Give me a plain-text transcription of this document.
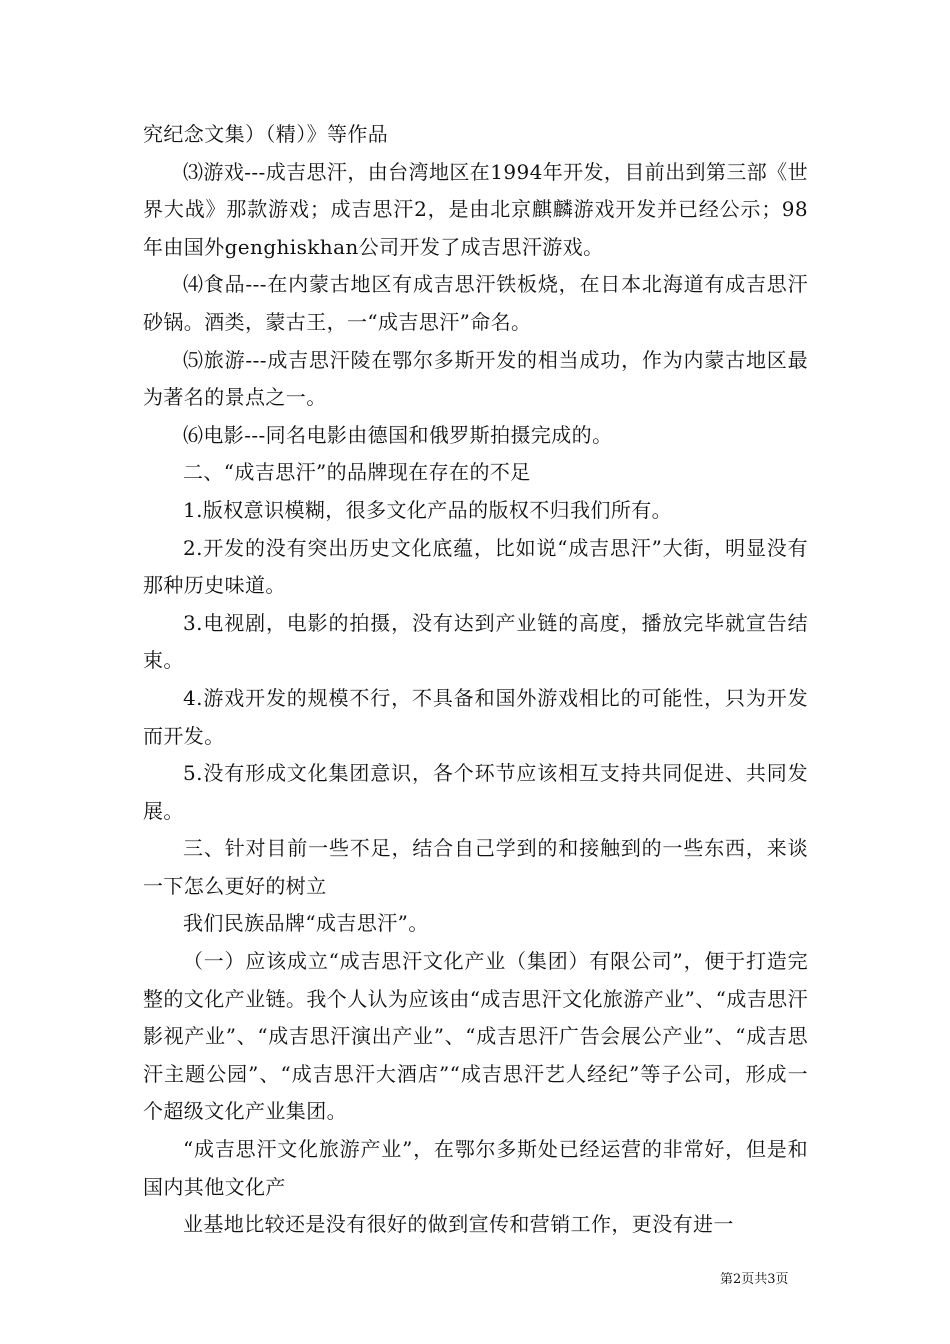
究纪念文集）（精）》等作品

⑶游戏---成吉思汗，由台湾地区在1994年开发，目前出到第三部《世界大战》那款游戏；成吉思汗2，是由北京麒麟游戏开发并已经公示；98年由国外genghiskhan公司开发了成吉思汗游戏。

⑷食品---在内蒙古地区有成吉思汗铁板烧，在日本北海道有成吉思汗砂锅。酒类，蒙古王，一“成吉思汗”命名。

⑸旅游---成吉思汗陵在鄂尔多斯开发的相当成功，作为内蒙古地区最为著名的景点之一。

⑹电影---同名电影由德国和俄罗斯拍摄完成的。

二、“成吉思汗”的品牌现在存在的不足

1.版权意识模糊，很多文化产品的版权不归我们所有。

2.开发的没有突出历史文化底蕴，比如说“成吉思汗”大街，明显没有那种历史味道。

3.电视剧，电影的拍摄，没有达到产业链的高度，播放完毕就宣告结束。

4.游戏开发的规模不行，不具备和国外游戏相比的可能性，只为开发而开发。

5.没有形成文化集团意识，各个环节应该相互支持共同促进、共同发展。

三、针对目前一些不足，结合自己学到的和接触到的一些东西，来谈一下怎么更好的树立

我们民族品牌“成吉思汗”。

（一）应该成立“成吉思汗文化产业（集团）有限公司”，便于打造完整的文化产业链。我个人认为应该由“成吉思汗文化旅游产业”、“成吉思汗影视产业”、“成吉思汗演出产业”、“成吉思汗广告会展公产业”、“成吉思汗主题公园”、“成吉思汗大酒店”“成吉思汗艺人经纪”等子公司，形成一个超级文化产业集团。

“成吉思汗文化旅游产业”，在鄂尔多斯处已经运营的非常好，但是和国内其他文化产

业基地比较还是没有很好的做到宣传和营销工作，更没有进一

第2页共3页
